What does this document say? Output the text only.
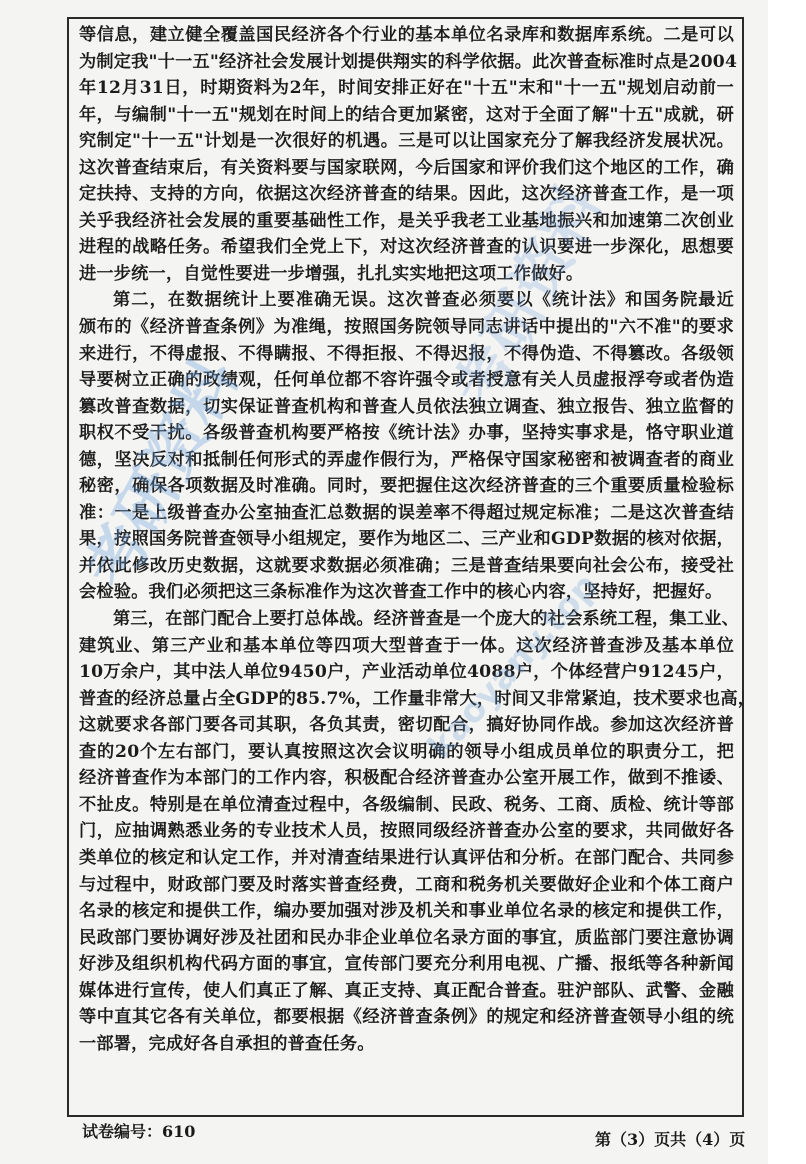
等信息，建立健全覆盖国民经济各个行业的基本单位名录库和数据库系统。二是可以
为制定我"十一五"经济社会发展计划提供翔实的科学依据。此次普查标准时点是2004
年12月31日，时期资料为2年，时间安排正好在"十五"末和"十一五"规划启动前一
年，与编制"十一五"规划在时间上的结合更加紧密，这对于全面了解"十五"成就，研
究制定"十一五"计划是一次很好的机遇。三是可以让国家充分了解我经济发展状况。
这次普查结束后，有关资料要与国家联网，今后国家和评价我们这个地区的工作，确
定扶持、支持的方向，依据这次经济普查的结果。因此，这次经济普查工作，是一项
关乎我经济社会发展的重要基础性工作，是关乎我老工业基地振兴和加速第二次创业
进程的战略任务。希望我们全党上下，对这次经济普查的认识要进一步深化，思想要
进一步统一，自觉性要进一步增强，扎扎实实地把这项工作做好。
第二，在数据统计上要准确无误。这次普查必须要以《统计法》和国务院最近
颁布的《经济普查条例》为准绳，按照国务院领导同志讲话中提出的"六不准"的要求
来进行，不得虚报、不得瞒报、不得拒报、不得迟报，不得伪造、不得篡改。各级领
导要树立正确的政绩观，任何单位都不容许强令或者授意有关人员虚报浮夸或者伪造
篡改普查数据，切实保证普查机构和普查人员依法独立调查、独立报告、独立监督的
职权不受干扰。各级普查机构要严格按《统计法》办事，坚持实事求是，恪守职业道
德，坚决反对和抵制任何形式的弄虚作假行为，严格保守国家秘密和被调查者的商业
秘密，确保各项数据及时准确。同时，要把握住这次经济普查的三个重要质量检验标
准：一是上级普查办公室抽查汇总数据的误差率不得超过规定标准；二是这次普查结
果，按照国务院普查领导小组规定，要作为地区二、三产业和GDP数据的核对依据，
并依此修改历史数据，这就要求数据必须准确；三是普查结果要向社会公布，接受社
会检验。我们必须把这三条标准作为这次普查工作中的核心内容，坚持好，把握好。
第三，在部门配合上要打总体战。经济普查是一个庞大的社会系统工程，集工业、
建筑业、第三产业和基本单位等四项大型普查于一体。这次经济普查涉及基本单位
10万余户，其中法人单位9450户，产业活动单位4088户，个体经营户91245户，
普查的经济总量占全GDP的85.7%，工作量非常大，时间又非常紧迫，技术要求也高，
这就要求各部门要各司其职，各负其责，密切配合，搞好协同作战。参加这次经济普
查的20个左右部门，要认真按照这次会议明确的领导小组成员单位的职责分工，把
经济普查作为本部门的工作内容，积极配合经济普查办公室开展工作，做到不推诿、
不扯皮。特别是在单位清查过程中，各级编制、民政、税务、工商、质检、统计等部
门，应抽调熟悉业务的专业技术人员，按照同级经济普查办公室的要求，共同做好各
类单位的核定和认定工作，并对清查结果进行认真评估和分析。在部门配合、共同参
与过程中，财政部门要及时落实普查经费，工商和税务机关要做好企业和个体工商户
名录的核定和提供工作，编办要加强对涉及机关和事业单位名录的核定和提供工作，
民政部门要协调好涉及社团和民办非企业单位名录方面的事宜，质监部门要注意协调
好涉及组织机构代码方面的事宜，宣传部门要充分利用电视、广播、报纸等各种新闻
媒体进行宣传，使人们真正了解、真正支持、真正配合普查。驻沪部队、武警、金融
等中直其它各有关单位，都要根据《经济普查条例》的规定和经济普查领导小组的统
一部署，完成好各自承担的普查任务。
考研资料
考研资料
kaoyany.top
试卷编号：610	第（3）页共（4）页
